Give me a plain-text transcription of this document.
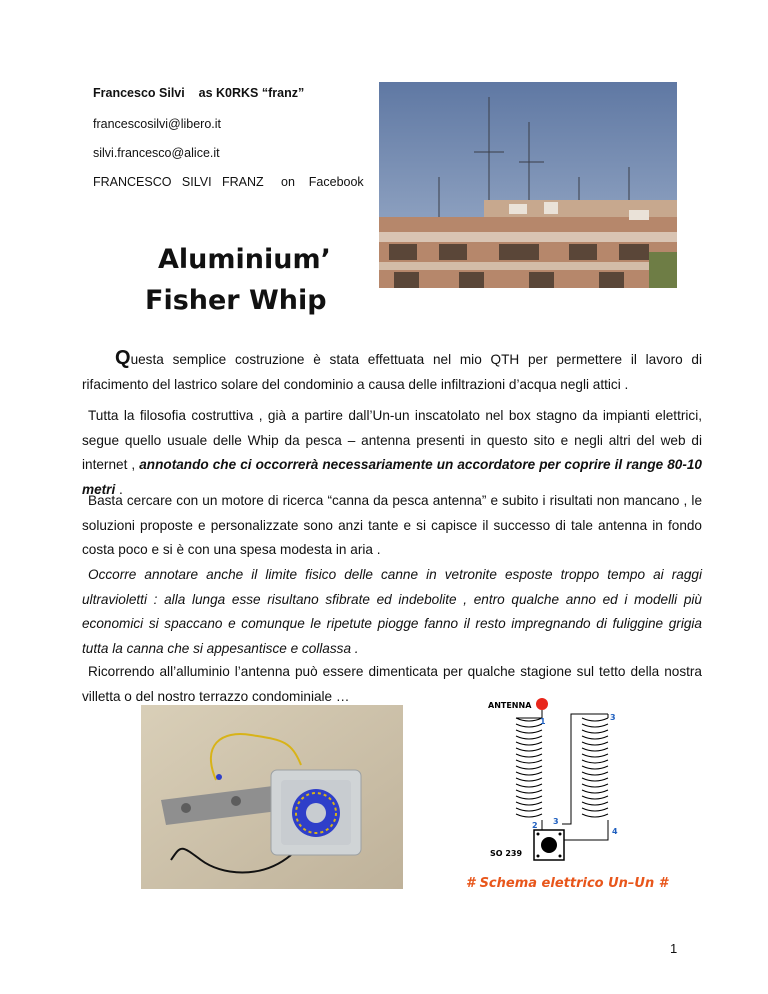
Francesco Silvi as K0RKS “franz”
francescosilvi@libero.it
silvi.francesco@alice.it
FRANCESCO   SILVI   FRANZ     on    Facebook
Aluminium’
Fisher Whip
Questa semplice costruzione è stata effettuata nel mio QTH per permettere il lavoro di rifacimento del lastrico solare del condominio a causa delle infiltrazioni d’acqua negli attici .
Tutta la filosofia costruttiva , già a partire dall’Un-un inscatolato nel box stagno da impianti elettrici, segue quello usuale delle Whip da pesca – antenna presenti in questo sito e negli altri del web di internet , annotando che ci occorrerà necessariamente un accordatore per coprire il range 80-10 metri .
Basta cercare con un motore di ricerca “canna da pesca antenna” e subito i risultati non mancano , le soluzioni proposte e personalizzate sono anzi tante e si capisce il successo di tale antenna in fondo costa poco e si è con una spesa modesta in aria .
Occorre annotare anche il limite fisico delle canne in vetronite esposte troppo tempo ai raggi ultravioletti : alla lunga esse risultano sfibrate ed indebolite , entro qualche anno ed i modelli più economici si spaccano e comunque le ripetute piogge fanno il resto impregnando di fuliggine grigia tutta la canna che si appesantisce e collassa .
Ricorrendo all’alluminio l’antenna può essere dimenticata per qualche stagione sul tetto della nostra villetta o del nostro terrazzo condominiale …
ANTENNA
1
2 3
3
4
SO 239
# Schema elettrico Un–Un #
1
